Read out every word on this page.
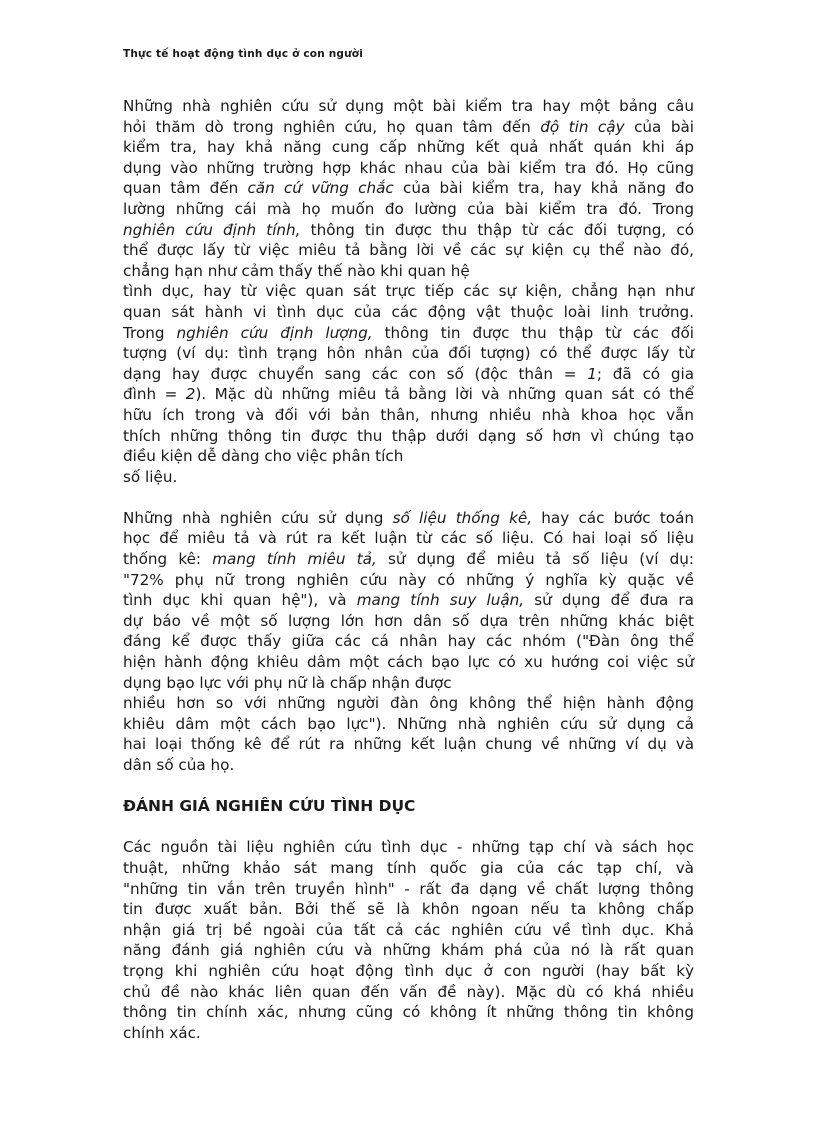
Thực tế hoạt động tình dục ở con người

Những nhà nghiên cứu sử dụng một bài kiểm tra hay một bảng câu
hỏi thăm dò trong nghiên cứu, họ quan tâm đến độ tin cậy của bài
kiểm tra, hay khả năng cung cấp những kết quả nhất quán khi áp
dụng vào những trường hợp khác nhau của bài kiểm tra đó. Họ cũng
quan tâm đến căn cứ vững chắc của bài kiểm tra, hay khả năng đo
lường những cái mà họ muốn đo lường của bài kiểm tra đó. Trong
nghiên cứu định tính, thông tin được thu thập từ các đối tượng, có
thể được lấy từ việc miêu tả bằng lời về các sự kiện cụ thể nào đó,
chẳng hạn như cảm thấy thế nào khi quan hệ
tình dục, hay từ việc quan sát trực tiếp các sự kiện, chẳng hạn như
quan sát hành vi tình dục của các động vật thuộc loài linh trưởng.
Trong nghiên cứu định lượng, thông tin được thu thập từ các đối
tượng (ví dụ: tình trạng hôn nhân của đối tượng) có thể được lấy từ
dạng hay được chuyển sang các con số (độc thân = 1; đã có gia
đình = 2). Mặc dù những miêu tả bằng lời và những quan sát có thể
hữu ích trong và đối với bản thân, nhưng nhiều nhà khoa học vẫn
thích những thông tin được thu thập dưới dạng số hơn vì chúng tạo
điều kiện dễ dàng cho việc phân tích
số liệu.

Những nhà nghiên cứu sử dụng số liệu thống kê, hay các bước toán
học để miêu tả và rút ra kết luận từ các số liệu. Có hai loại số liệu
thống kê: mang tính miêu tả, sử dụng để miêu tả số liệu (ví dụ:
"72% phụ nữ trong nghiên cứu này có những ý nghĩa kỳ quặc về
tình dục khi quan hệ"), và mang tính suy luận, sử dụng để đưa ra
dự báo về một số lượng lớn hơn dân số dựa trên những khác biệt
đáng kể được thấy giữa các cá nhân hay các nhóm ("Đàn ông thể
hiện hành động khiêu dâm một cách bạo lực có xu hướng coi việc sử
dụng bạo lực với phụ nữ là chấp nhận được
nhiều hơn so với những người đàn ông không thể hiện hành động
khiêu dâm một cách bạo lực"). Những nhà nghiên cứu sử dụng cả
hai loại thống kê để rút ra những kết luận chung về những ví dụ và
dân số của họ.

ĐÁNH GIÁ NGHIÊN CỨU TÌNH DỤC

Các nguồn tài liệu nghiên cứu tình dục - những tạp chí và sách học
thuật, những khảo sát mang tính quốc gia của các tạp chí, và
"những tin vắn trên truyền hình" - rất đa dạng về chất lượng thông
tin được xuất bản. Bởi thế sẽ là khôn ngoan nếu ta không chấp
nhận giá trị bề ngoài của tất cả các nghiên cứu về tình dục. Khả
năng đánh giá nghiên cứu và những khám phá của nó là rất quan
trọng khi nghiên cứu hoạt động tình dục ở con người (hay bất kỳ
chủ đề nào khác liên quan đến vấn đề này). Mặc dù có khá nhiều
thông tin chính xác, nhưng cũng có không ít những thông tin không
chính xác.
